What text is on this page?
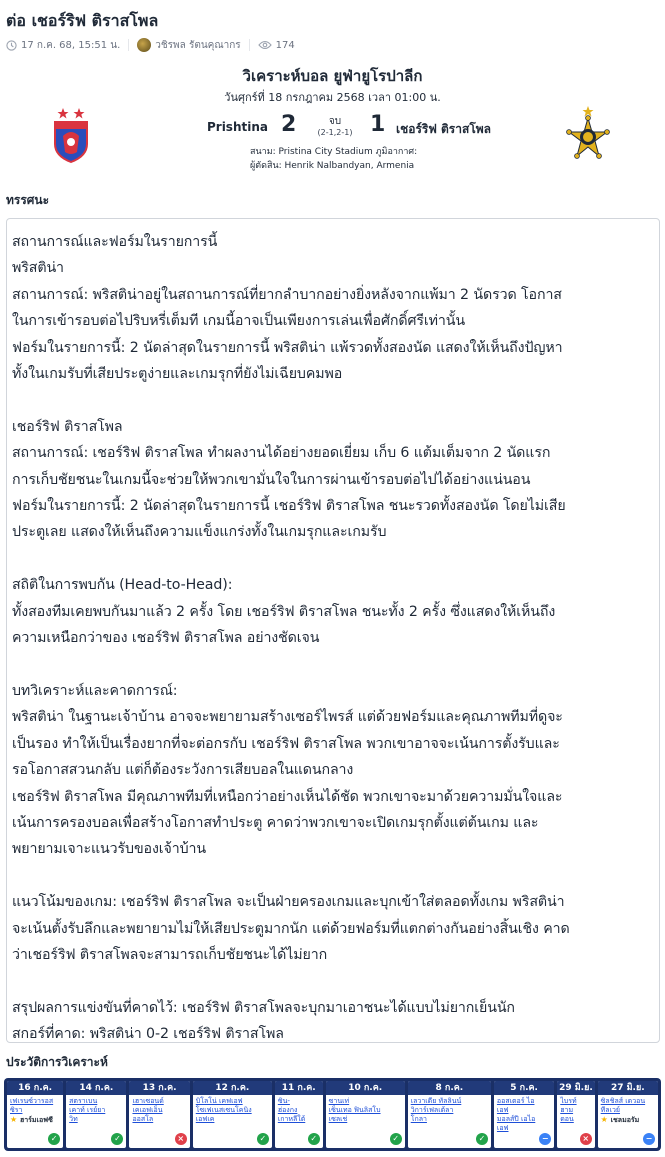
ต่อ เชอร์ริฟ ติราสโพล
17 ก.ค. 68, 15:51 น.	วชิรพล รัตนคุณากร	174
วิเคราะห์บอล ยูฟ่ายูโรปาลีก
วันศุกร์ที่ 18 กรกฎาคม 2568 เวลา 01:00 น.
Prishtina 2	จบ
(2-1,2-1) 1 เชอร์ริฟ ติราสโพล
สนาม: Pristina City Stadium ภูมิอากาศ:
ผู้ตัดสิน: Henrik Nalbandyan, Armenia
ทรรศนะ
สถานการณ์และฟอร์มในรายการนี้
พริสติน่า
สถานการณ์: พริสติน่าอยู่ในสถานการณ์ที่ยากลำบากอย่างยิ่งหลังจากแพ้มา 2 นัดรวด โอกาส
ในการเข้ารอบต่อไปริบหรี่เต็มที เกมนี้อาจเป็นเพียงการเล่นเพื่อศักดิ์ศรีเท่านั้น
ฟอร์มในรายการนี้: 2 นัดล่าสุดในรายการนี้ พริสติน่า แพ้รวดทั้งสองนัด แสดงให้เห็นถึงปัญหา
ทั้งในเกมรับที่เสียประตูง่ายและเกมรุกที่ยังไม่เฉียบคมพอ

เชอร์ริฟ ติราสโพล
สถานการณ์: เชอร์ริฟ ติราสโพล ทำผลงานได้อย่างยอดเยี่ยม เก็บ 6 แต้มเต็มจาก 2 นัดแรก
การเก็บชัยชนะในเกมนี้จะช่วยให้พวกเขามั่นใจในการผ่านเข้ารอบต่อไปได้อย่างแน่นอน
ฟอร์มในรายการนี้: 2 นัดล่าสุดในรายการนี้ เชอร์ริฟ ติราสโพล ชนะรวดทั้งสองนัด โดยไม่เสีย
ประตูเลย แสดงให้เห็นถึงความแข็งแกร่งทั้งในเกมรุกและเกมรับ

สถิติในการพบกัน (Head-to-Head):
ทั้งสองทีมเคยพบกันมาแล้ว 2 ครั้ง โดย เชอร์ริฟ ติราสโพล ชนะทั้ง 2 ครั้ง ซึ่งแสดงให้เห็นถึง
ความเหนือกว่าของ เชอร์ริฟ ติราสโพล อย่างชัดเจน

บทวิเคราะห์และคาดการณ์:
พริสติน่า ในฐานะเจ้าบ้าน อาจจะพยายามสร้างเซอร์ไพรส์ แต่ด้วยฟอร์มและคุณภาพทีมที่ดูจะ
เป็นรอง ทำให้เป็นเรื่องยากที่จะต่อกรกับ เชอร์ริฟ ติราสโพล พวกเขาอาจจะเน้นการตั้งรับและ
รอโอกาสสวนกลับ แต่ก็ต้องระวังการเสียบอลในแดนกลาง
เชอร์ริฟ ติราสโพล มีคุณภาพทีมที่เหนือกว่าอย่างเห็นได้ชัด พวกเขาจะมาด้วยความมั่นใจและ
เน้นการครองบอลเพื่อสร้างโอกาสทำประตู คาดว่าพวกเขาจะเปิดเกมรุกตั้งแต่ต้นเกม และ
พยายามเจาะแนวรับของเจ้าบ้าน

แนวโน้มของเกม: เชอร์ริฟ ติราสโพล จะเป็นฝ่ายครองเกมและบุกเข้าใส่ตลอดทั้งเกม พริสติน่า
จะเน้นตั้งรับลึกและพยายามไม่ให้เสียประตูมากนัก แต่ด้วยฟอร์มที่แตกต่างกันอย่างสิ้นเชิง คาด
ว่าเชอร์ริฟ ติราสโพลจะสามารถเก็บชัยชนะได้ไม่ยาก

สรุปผลการแข่งขันที่คาดไว้: เชอร์ริฟ ติราสโพลจะบุกมาเอาชนะได้แบบไม่ยากเย็นนัก
สกอร์ที่คาด: พริสติน่า 0-2 เชอร์ริฟ ติราสโพล
ประวัติการวิเคราะห์
16 ก.ค.
เฟเรนซ์วารอส
ซิรา
★ ฮาร์มเอฟซี
✓
14 ก.ค.
สตราเบน
เคาท์ เรย์ยา
วิท
✓
13 ก.ค.
เฮาเซอนด์
เคเอฟเอ็น
ออสโล
×
12 ก.ค.
บิโลโน่ เคฟเอฟ
โซเฟเนสเซนโคนิง
เอฟเค
✓
11 ก.ค.
ซิน-
ฮ่องกง
เกาหลีใต้
✓
10 ก.ค.
ซานเท่
เซ็นเทอ ฟินลิสโบ
เซลเช่
✓
8 ก.ค.
เลวาเดีย ทัลลินน์
วิการ์เฟลเต้ลา
โกลา
✓
5 ก.ค.
ออสเตอร์ ไอ
เอฟ
มอลส์ปี เอไอ
เอฟ
−
29 มิ.ย.
ไบรท์
ฮาม
ดอน
×
27 มิ.ย.
ซิลชิลส์ เดวอน
ทีลเวย์
★ เชลมอรัม
−
